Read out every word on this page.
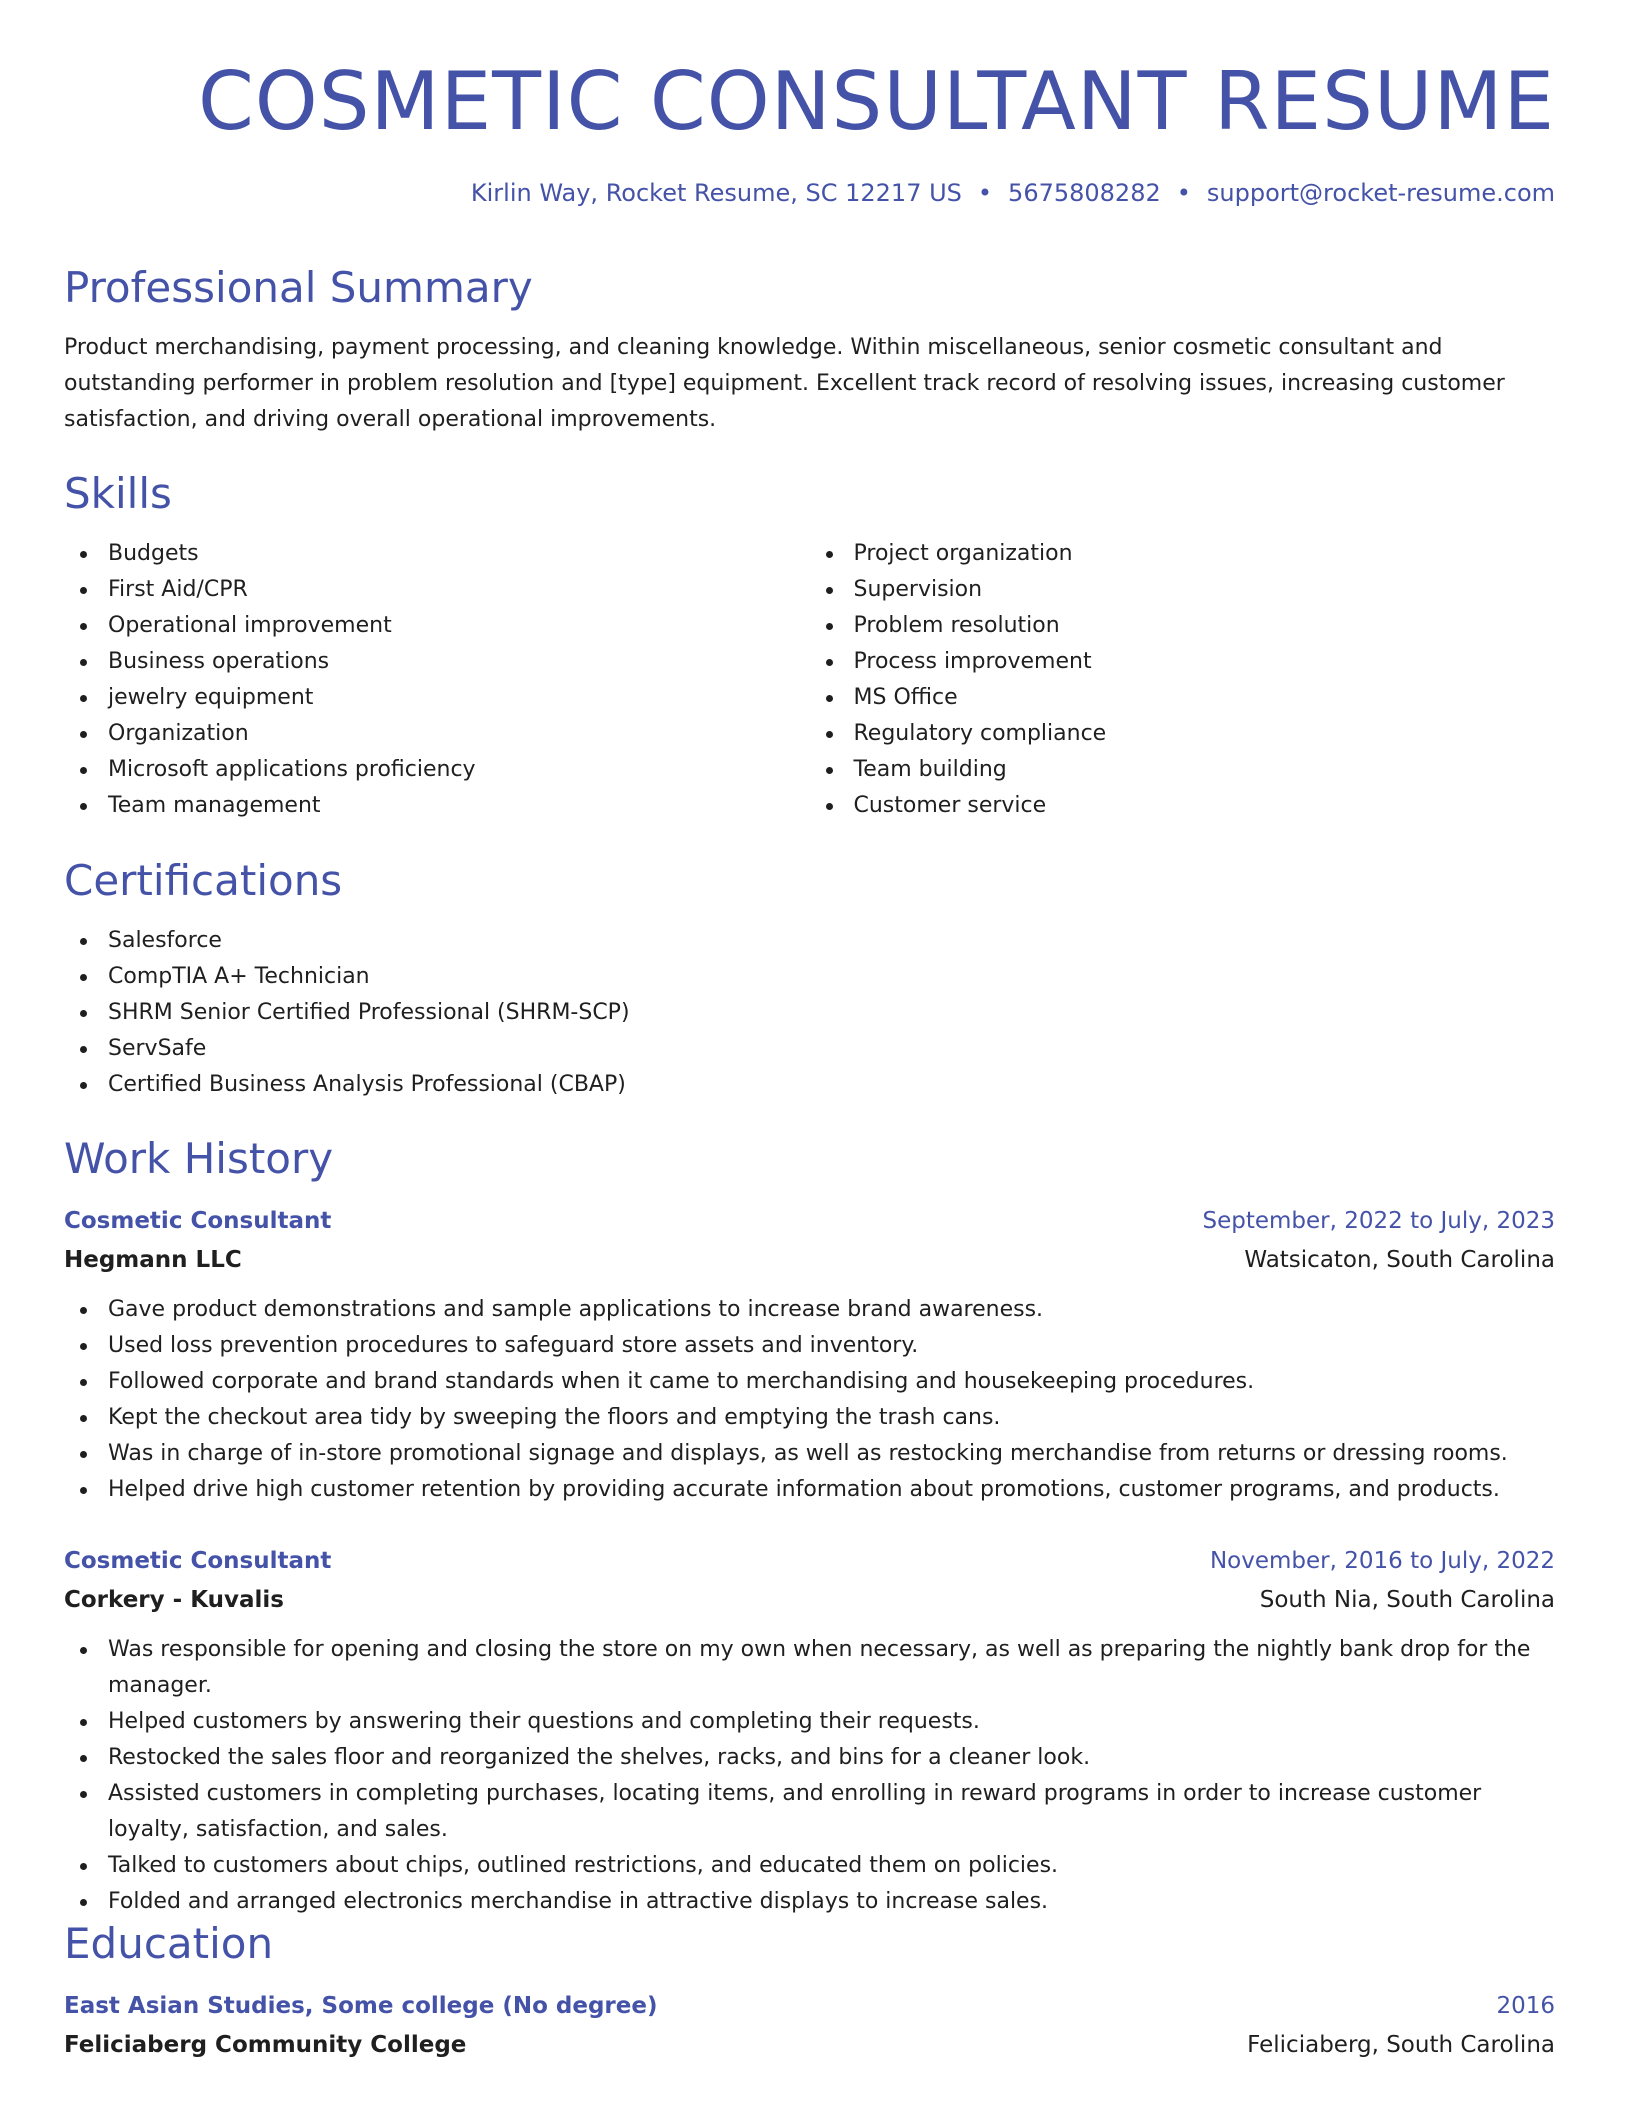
COSMETIC CONSULTANT RESUME
Kirlin Way, Rocket Resume, SC 12217 US • 5675808282 • support@rocket-resume.com
Professional Summary

Product merchandising, payment processing, and cleaning knowledge. Within miscellaneous, senior cosmetic consultant and outstanding performer in problem resolution and [type] equipment. Excellent track record of resolving issues, increasing customer satisfaction, and driving overall operational improvements.

Skills
Budgets
First Aid/CPR
Operational improvement
Business operations
jewelry equipment
Organization
Microsoft applications proficiency
Team management
Project organization
Supervision
Problem resolution
Process improvement
MS Office
Regulatory compliance
Team building
Customer service
Certifications
Salesforce
CompTIA A+ Technician
SHRM Senior Certified Professional (SHRM-SCP)
ServSafe
Certified Business Analysis Professional (CBAP)
Work History
Cosmetic Consultant	September, 2022 to July, 2023
Hegmann LLC	Watsicaton, South Carolina
Gave product demonstrations and sample applications to increase brand awareness.
Used loss prevention procedures to safeguard store assets and inventory.
Followed corporate and brand standards when it came to merchandising and housekeeping procedures.
Kept the checkout area tidy by sweeping the floors and emptying the trash cans.
Was in charge of in-store promotional signage and displays, as well as restocking merchandise from returns or dressing rooms.
Helped drive high customer retention by providing accurate information about promotions, customer programs, and products.
Cosmetic Consultant	November, 2016 to July, 2022
Corkery - Kuvalis	South Nia, South Carolina
Was responsible for opening and closing the store on my own when necessary, as well as preparing the nightly bank drop for the manager.
Helped customers by answering their questions and completing their requests.
Restocked the sales floor and reorganized the shelves, racks, and bins for a cleaner look.
Assisted customers in completing purchases, locating items, and enrolling in reward programs in order to increase customer loyalty, satisfaction, and sales.
Talked to customers about chips, outlined restrictions, and educated them on policies.
Folded and arranged electronics merchandise in attractive displays to increase sales.
Education
East Asian Studies, Some college (No degree)	2016
Feliciaberg Community College	Feliciaberg, South Carolina
